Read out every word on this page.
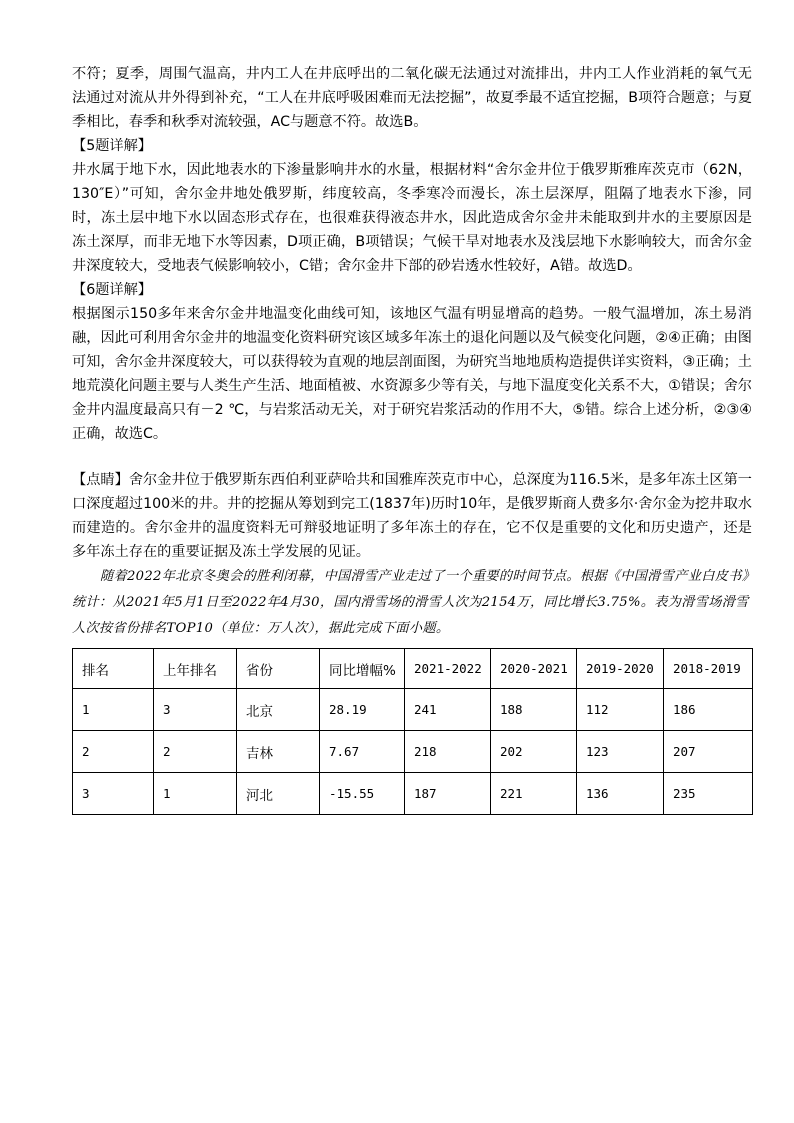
不符；夏季，周围气温高，井内工人在井底呼出的二氧化碳无法通过对流排出，井内工人作业消耗的氧气无法通过对流从井外得到补充，“工人在井底呼吸困难而无法挖掘”，故夏季最不适宜挖掘，B项符合题意；与夏季相比，春季和秋季对流较强，AC与题意不符。故选B。

【5题详解】

井水属于地下水，因此地表水的下渗量影响井水的水量，根据材料“舍尔金井位于俄罗斯雅库茨克市（62N，130″E）”可知，舍尔金井地处俄罗斯，纬度较高，冬季寒冷而漫长，冻土层深厚，阻隔了地表水下渗，同时，冻土层中地下水以固态形式存在，也很难获得液态井水，因此造成舍尔金井未能取到井水的主要原因是冻土深厚，而非无地下水等因素，D项正确，B项错误；气候干旱对地表水及浅层地下水影响较大，而舍尔金井深度较大，受地表气候影响较小，C错；舍尔金井下部的砂岩透水性较好，A错。故选D。

【6题详解】

根据图示150多年来舍尔金井地温变化曲线可知，该地区气温有明显增高的趋势。一般气温增加，冻土易消融，因此可利用舍尔金井的地温变化资料研究该区域多年冻土的退化问题以及气候变化问题，②④正确；由图可知，舍尔金井深度较大，可以获得较为直观的地层剖面图，为研究当地地质构造提供详实资料，③正确；土地荒漠化问题主要与人类生产生活、地面植被、水资源多少等有关，与地下温度变化关系不大，①错误；舍尔金井内温度最高只有－2 ℃，与岩浆活动无关，对于研究岩浆活动的作用不大，⑤错。综合上述分析，②③④正确，故选C。

【点睛】舍尔金井位于俄罗斯东西伯利亚萨哈共和国雅库茨克市中心，总深度为116.5米，是多年冻土区第一口深度超过100米的井。井的挖掘从筹划到完工(1837年)历时10年，是俄罗斯商人费多尔·舍尔金为挖井取水而建造的。舍尔金井的温度资料无可辩驳地证明了多年冻土的存在，它不仅是重要的文化和历史遗产，还是多年冻土存在的重要证据及冻土学发展的见证。

随着2022年北京冬奥会的胜利闭幕，中国滑雪产业走过了一个重要的时间节点。根据《中国滑雪产业白皮书》统计：从2021年5月1日至2022年4月30，国内滑雪场的滑雪人次为2154万，同比增长3.75%。表为滑雪场滑雪人次按省份排名TOP10（单位：万人次），据此完成下面小题。

排名	上年排名	省份	同比增幅%	2021-2022	2020-2021	2019-2020	2018-2019
1	3	北京	28.19	241	188	112	186
2	2	吉林	7.67	218	202	123	207
3	1	河北	-15.55	187	221	136	235
